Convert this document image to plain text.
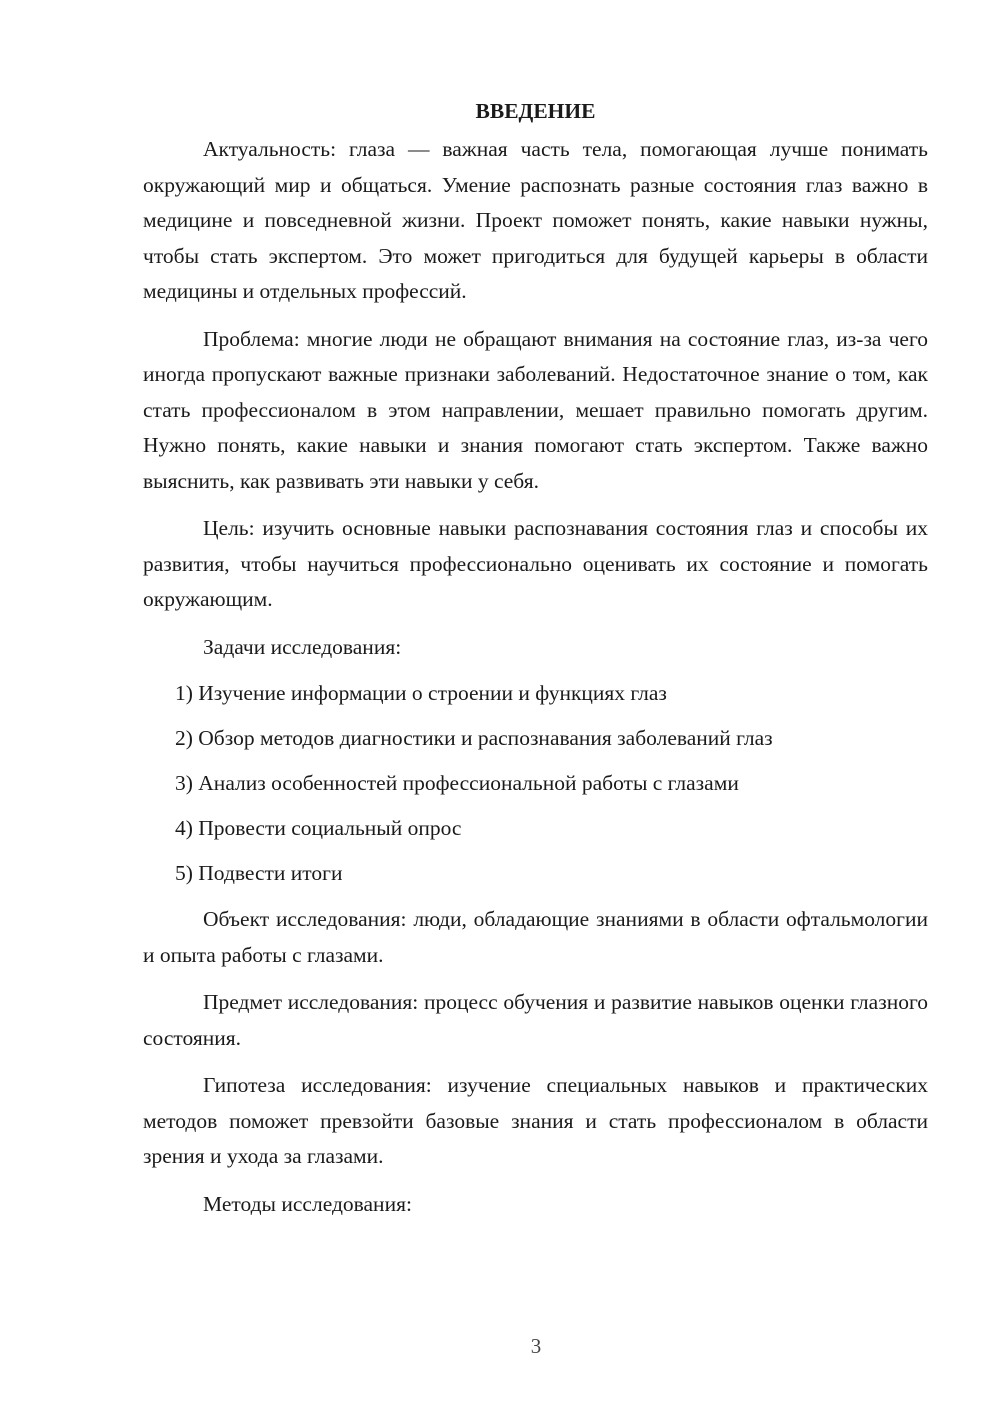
ВВЕДЕНИЕ

Актуальность: глаза — важная часть тела, помогающая лучше понимать окружающий мир и общаться. Умение распознать разные состояния глаз важно в медицине и повседневной жизни. Проект поможет понять, какие навыки нужны, чтобы стать экспертом. Это может пригодиться для будущей карьеры в области медицины и отдельных профессий.

Проблема: многие люди не обращают внимания на состояние глаз, из-за чего иногда пропускают важные признаки заболеваний. Недостаточное знание о том, как стать профессионалом в этом направлении, мешает правильно помогать другим. Нужно понять, какие навыки и знания помогают стать экспертом. Также важно выяснить, как развивать эти навыки у себя.

Цель: изучить основные навыки распознавания состояния глаз и способы их развития, чтобы научиться профессионально оценивать их состояние и помогать окружающим.

Задачи исследования:

1) Изучение информации о строении и функциях глаз

2) Обзор методов диагностики и распознавания заболеваний глаз

3) Анализ особенностей профессиональной работы с глазами

4) Провести социальный опрос

5) Подвести итоги

Объект исследования: люди, обладающие знаниями в области офтальмологии и опыта работы с глазами.

Предмет исследования: процесс обучения и развитие навыков оценки глазного состояния.

Гипотеза исследования: изучение специальных навыков и практических методов поможет превзойти базовые знания и стать профессионалом в области зрения и ухода за глазами.

Методы исследования:

3
